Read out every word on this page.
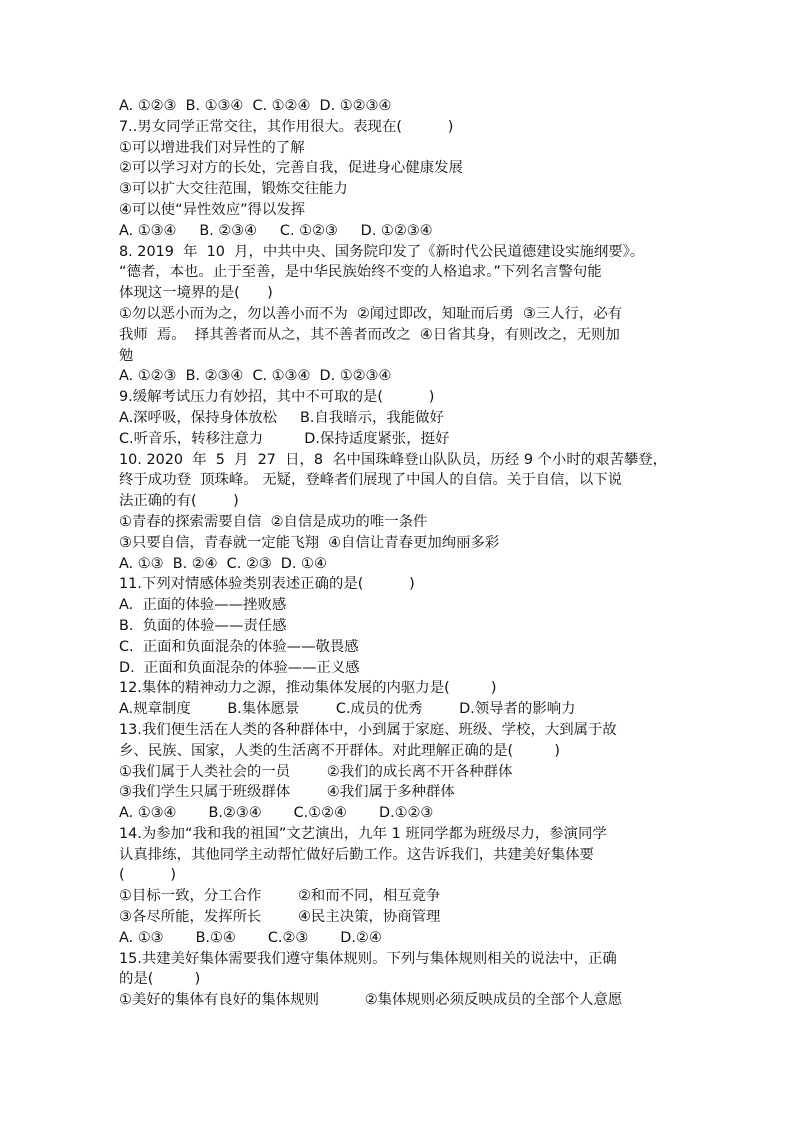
A. ①②③  B. ①③④  C. ①②④  D. ①②③④
7..男女同学正常交往，其作用很大。表现在(          )
①可以增进我们对异性的了解
②可以学习对方的长处，完善自我，促进身心健康发展
③可以扩大交往范围，锻炼交往能力
④可以使“异性效应”得以发挥
A. ①③④     B. ②③④     C. ①②③     D. ①②③④
8. 2019  年  10  月，中共中央、国务院印发了《新时代公民道德建设实施纲要》。
“德者，本也。止于至善，是中华民族始终不变的人格追求。”下列名言警句能
体现这一境界的是(      )
①勿以恶小而为之，勿以善小而不为  ②闻过即改，知耻而后勇  ③三人行，必有
我师  焉。  择其善者而从之，其不善者而改之  ④日省其身，有则改之，无则加
勉
A. ①②③  B. ②③④  C. ①③④  D. ①②③④
9.缓解考试压力有妙招，其中不可取的是(          )
A.深呼吸，保持身体放松     B.自我暗示，我能做好
C.听音乐，转移注意力         D.保持适度紧张，挺好
10. 2020  年  5  月  27  日，8  名中国珠峰登山队队员，历经 9 个小时的艰苦攀登，
终于成功登  顶珠峰。 无疑，登峰者们展现了中国人的自信。关于自信，以下说
法正确的有(        )
①青春的探索需要自信  ②自信是成功的唯一条件
③只要自信，青春就一定能飞翔  ④自信让青春更加绚丽多彩
A. ①③  B. ②④  C. ②③  D. ①④
11.下列对情感体验类别表述正确的是(          )
A.  正面的体验——挫败感
B.  负面的体验——责任感
C.  正面和负面混杂的体验——敬畏感
D.  正面和负面混杂的体验——正义感
12.集体的精神动力之源，推动集体发展的内驱力是(         )
A.规章制度        B.集体愿景        C.成员的优秀        D.领导者的影响力
13.我们便生活在人类的各种群体中，小到属于家庭、班级、学校，大到属于故
乡、民族、国家，人类的生活离不开群体。对此理解正确的是(         )
①我们属于人类社会的一员        ②我们的成长离不开各种群体
③我们学生只属于班级群体        ④我们属于多种群体
A. ①③④       B.②③④       C.①②④       D.①②③
14.为参加“我和我的祖国”文艺演出，九年 1 班同学都为班级尽力，参演同学
认真排练，其他同学主动帮忙做好后勤工作。这告诉我们，共建美好集体要
(          )
①目标一致，分工合作        ②和而不同，相互竞争
③各尽所能，发挥所长        ④民主决策，协商管理
A. ①③       B.①④       C.②③       D.②④
15.共建美好集体需要我们遵守集体规则。下列与集体规则相关的说法中，正确
的是(         )
①美好的集体有良好的集体规则          ②集体规则必须反映成员的全部个人意愿
